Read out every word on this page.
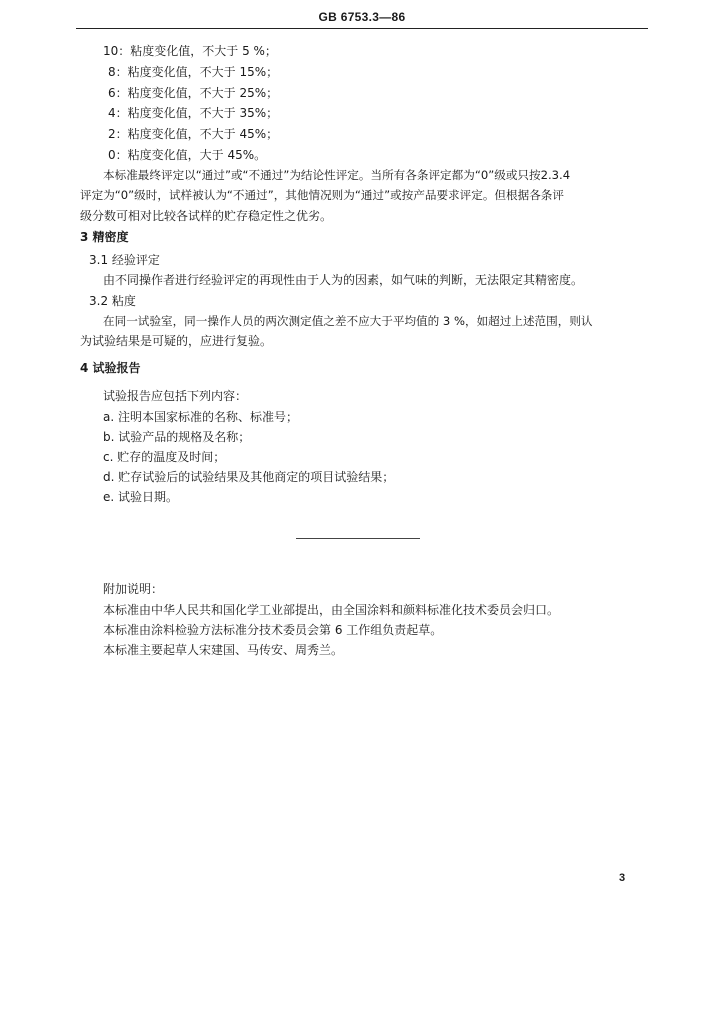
GB 6753.3—86

10：粘度变化值，不大于 5 %；

8：粘度变化值，不大于 15%；

6：粘度变化值，不大于 25%；

4：粘度变化值，不大于 35%；

2：粘度变化值，不大于 45%；

0：粘度变化值，大于 45%。

本标准最终评定以“通过”或“不通过”为结论性评定。当所有各条评定都为“0”级或只按2.3.4

评定为“0”级时，试样被认为“不通过”，其他情况则为“通过”或按产品要求评定。但根据各条评

级分数可相对比较各试样的贮存稳定性之优劣。

3 精密度

3.1 经验评定

由不同操作者进行经验评定的再现性由于人为的因素，如气味的判断，无法限定其精密度。

3.2 粘度

在同一试验室，同一操作人员的两次测定值之差不应大于平均值的 3 %，如超过上述范围，则认

为试验结果是可疑的，应进行复验。

4 试验报告

试验报告应包括下列内容：

a. 注明本国家标准的名称、标准号；

b. 试验产品的规格及名称；

c. 贮存的温度及时间；

d. 贮存试验后的试验结果及其他商定的项目试验结果；

e. 试验日期。

附加说明：

本标准由中华人民共和国化学工业部提出，由全国涂料和颜料标准化技术委员会归口。

本标准由涂料检验方法标准分技术委员会第 6 工作组负责起草。

本标准主要起草人宋建国、马传安、周秀兰。

3
